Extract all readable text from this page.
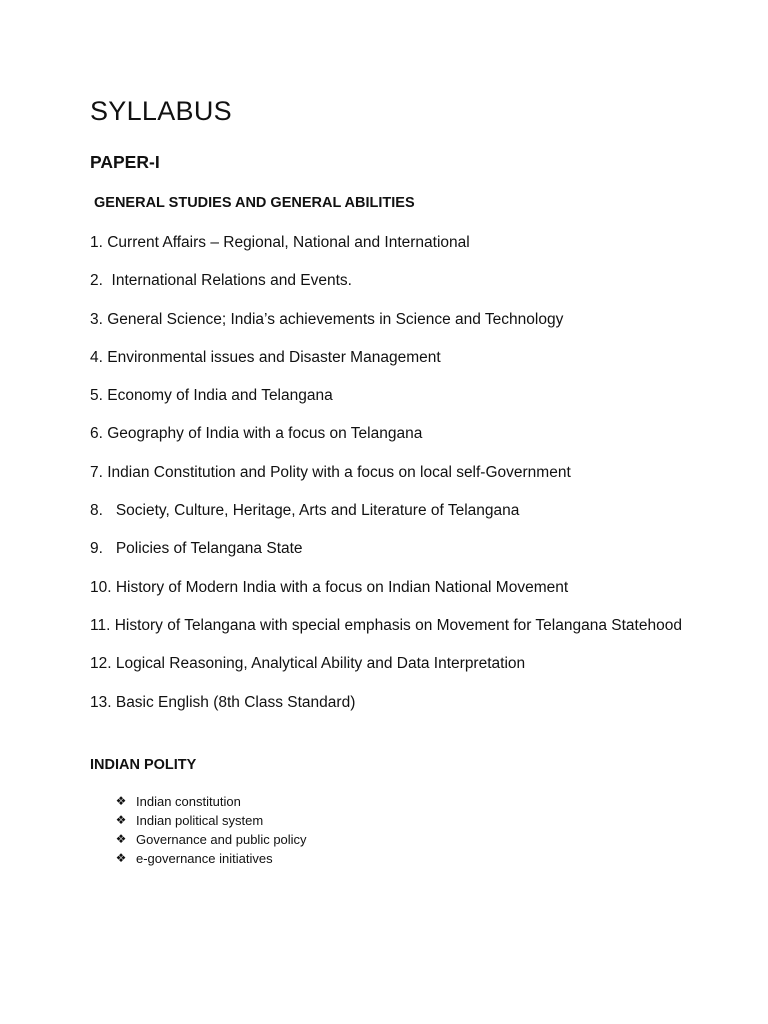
SYLLABUS
PAPER-I
GENERAL STUDIES AND GENERAL ABILITIES
1. Current Affairs – Regional, National and International
2.  International Relations and Events.
3. General Science; India’s achievements in Science and Technology
4. Environmental issues and Disaster Management
5. Economy of India and Telangana
6. Geography of India with a focus on Telangana
7. Indian Constitution and Polity with a focus on local self-Government
8.   Society, Culture, Heritage, Arts and Literature of Telangana
9.   Policies of Telangana State
10. History of Modern India with a focus on Indian National Movement
11. History of Telangana with special emphasis on Movement for Telangana Statehood
12. Logical Reasoning, Analytical Ability and Data Interpretation
13. Basic English (8th Class Standard)
INDIAN POLITY
❖ Indian constitution
❖ Indian political system
❖ Governance and public policy
❖ e-governance initiatives
